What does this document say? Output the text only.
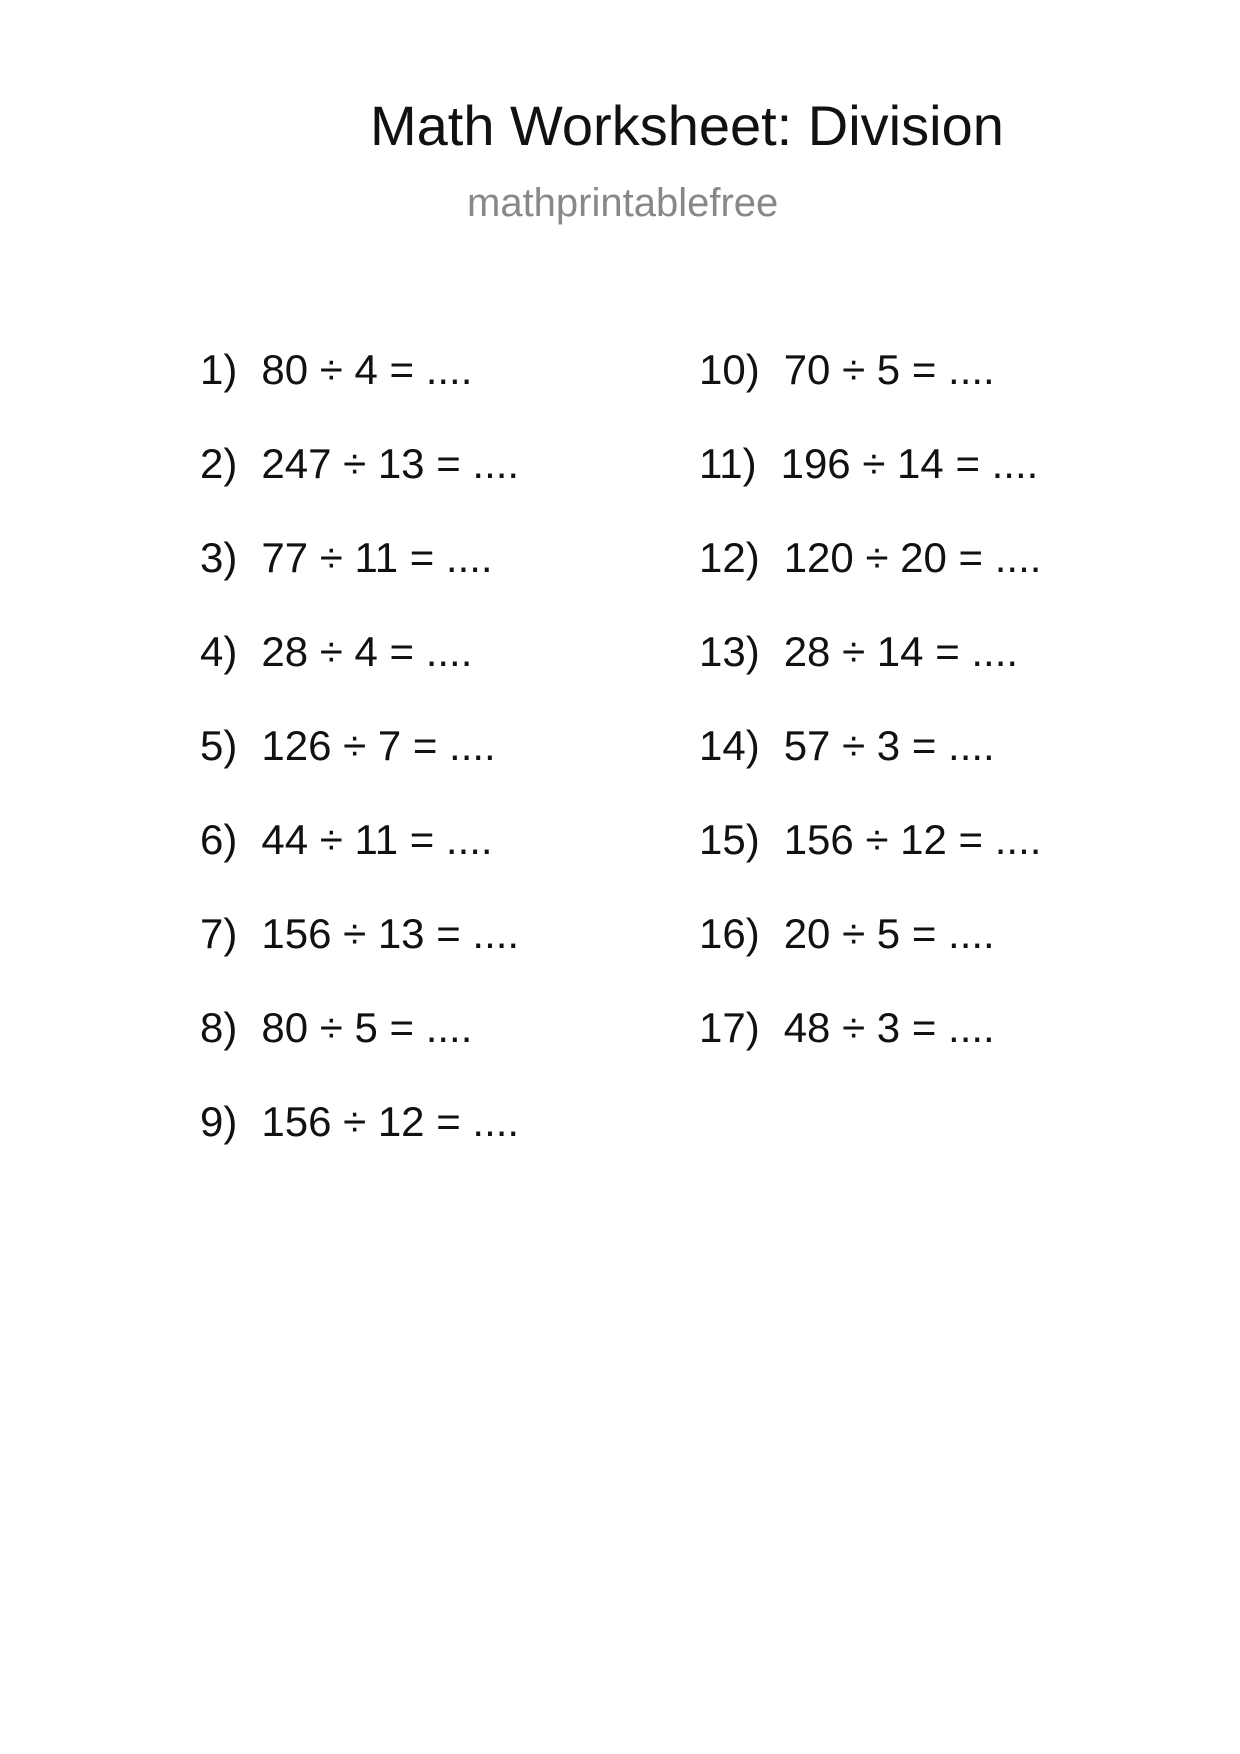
Math Worksheet: Division
mathprintablefree
1) 80 ÷ 4 = ....
2) 247 ÷ 13 = ....
3) 77 ÷ 11 = ....
4) 28 ÷ 4 = ....
5) 126 ÷ 7 = ....
6) 44 ÷ 11 = ....
7) 156 ÷ 13 = ....
8) 80 ÷ 5 = ....
9) 156 ÷ 12 = ....
10) 70 ÷ 5 = ....
11) 196 ÷ 14 = ....
12) 120 ÷ 20 = ....
13) 28 ÷ 14 = ....
14) 57 ÷ 3 = ....
15) 156 ÷ 12 = ....
16) 20 ÷ 5 = ....
17) 48 ÷ 3 = ....
